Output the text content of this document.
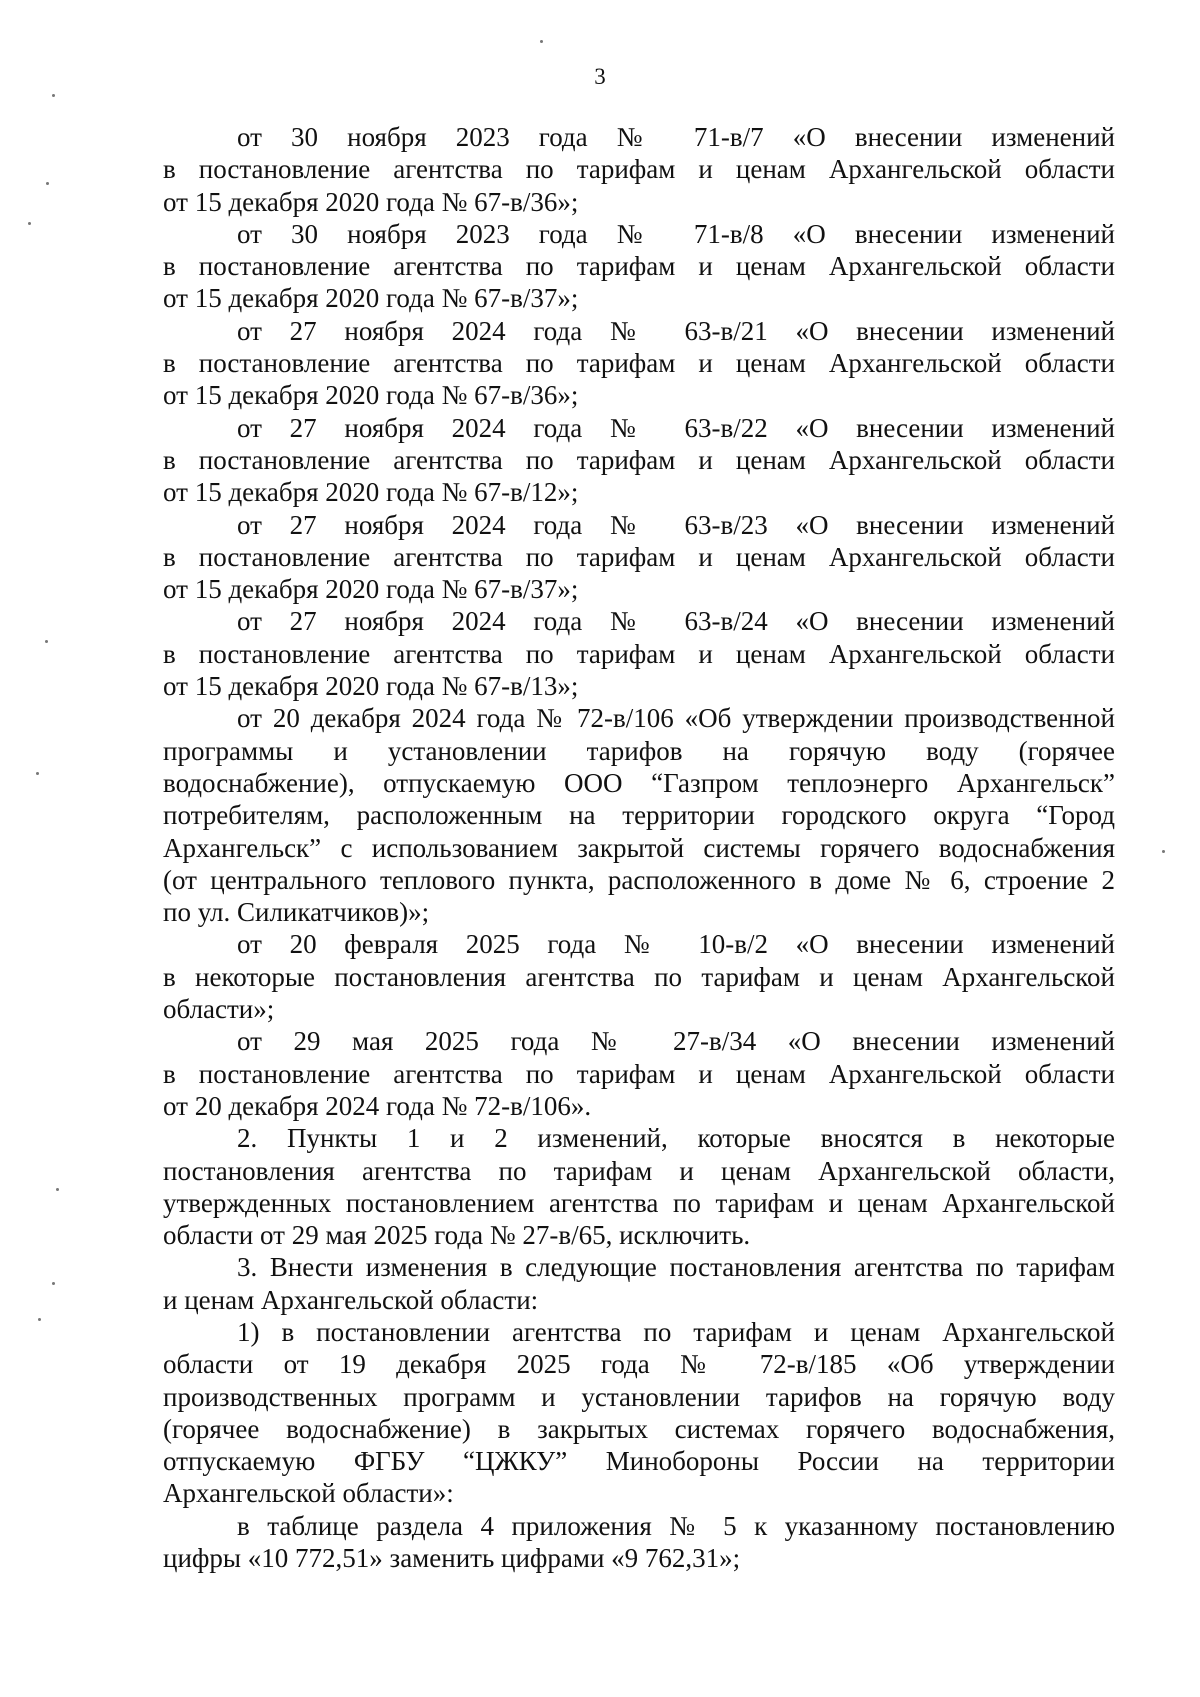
3

от 30 ноября 2023 года № 71-в/7 «О внесении изменений
в постановление агентства по тарифам и ценам Архангельской области
от 15 декабря 2020 года № 67-в/36»;

от 30 ноября 2023 года № 71-в/8 «О внесении изменений
в постановление агентства по тарифам и ценам Архангельской области
от 15 декабря 2020 года № 67-в/37»;

от 27 ноября 2024 года № 63-в/21 «О внесении изменений
в постановление агентства по тарифам и ценам Архангельской области
от 15 декабря 2020 года № 67-в/36»;

от 27 ноября 2024 года № 63-в/22 «О внесении изменений
в постановление агентства по тарифам и ценам Архангельской области
от 15 декабря 2020 года № 67-в/12»;

от 27 ноября 2024 года № 63-в/23 «О внесении изменений
в постановление агентства по тарифам и ценам Архангельской области
от 15 декабря 2020 года № 67-в/37»;

от 27 ноября 2024 года № 63-в/24 «О внесении изменений
в постановление агентства по тарифам и ценам Архангельской области
от 15 декабря 2020 года № 67-в/13»;

от 20 декабря 2024 года № 72-в/106 «Об утверждении производственной
программы и установлении тарифов на горячую воду (горячее
водоснабжение), отпускаемую ООО “Газпром теплоэнерго Архангельск”
потребителям, расположенным на территории городского округа “Город
Архангельск” с использованием закрытой системы горячего водоснабжения
(от центрального теплового пункта, расположенного в доме № 6, строение 2
по ул. Силикатчиков)»;

от 20 февраля 2025 года № 10-в/2 «О внесении изменений
в некоторые постановления агентства по тарифам и ценам Архангельской
области»;

от 29 мая 2025 года № 27-в/34 «О внесении изменений
в постановление агентства по тарифам и ценам Архангельской области
от 20 декабря 2024 года № 72-в/106».

2. Пункты 1 и 2 изменений, которые вносятся в некоторые
постановления агентства по тарифам и ценам Архангельской области,
утвержденных постановлением агентства по тарифам и ценам Архангельской
области от 29 мая 2025 года № 27-в/65, исключить.

3. Внести изменения в следующие постановления агентства по тарифам
и ценам Архангельской области:

1) в постановлении агентства по тарифам и ценам Архангельской
области от 19 декабря 2025 года № 72-в/185 «Об утверждении
производственных программ и установлении тарифов на горячую воду
(горячее водоснабжение) в закрытых системах горячего водоснабжения,
отпускаемую ФГБУ “ЦЖКУ” Минобороны России на территории
Архангельской области»:

в таблице раздела 4 приложения № 5 к указанному постановлению
цифры «10 772,51» заменить цифрами «9 762,31»;
